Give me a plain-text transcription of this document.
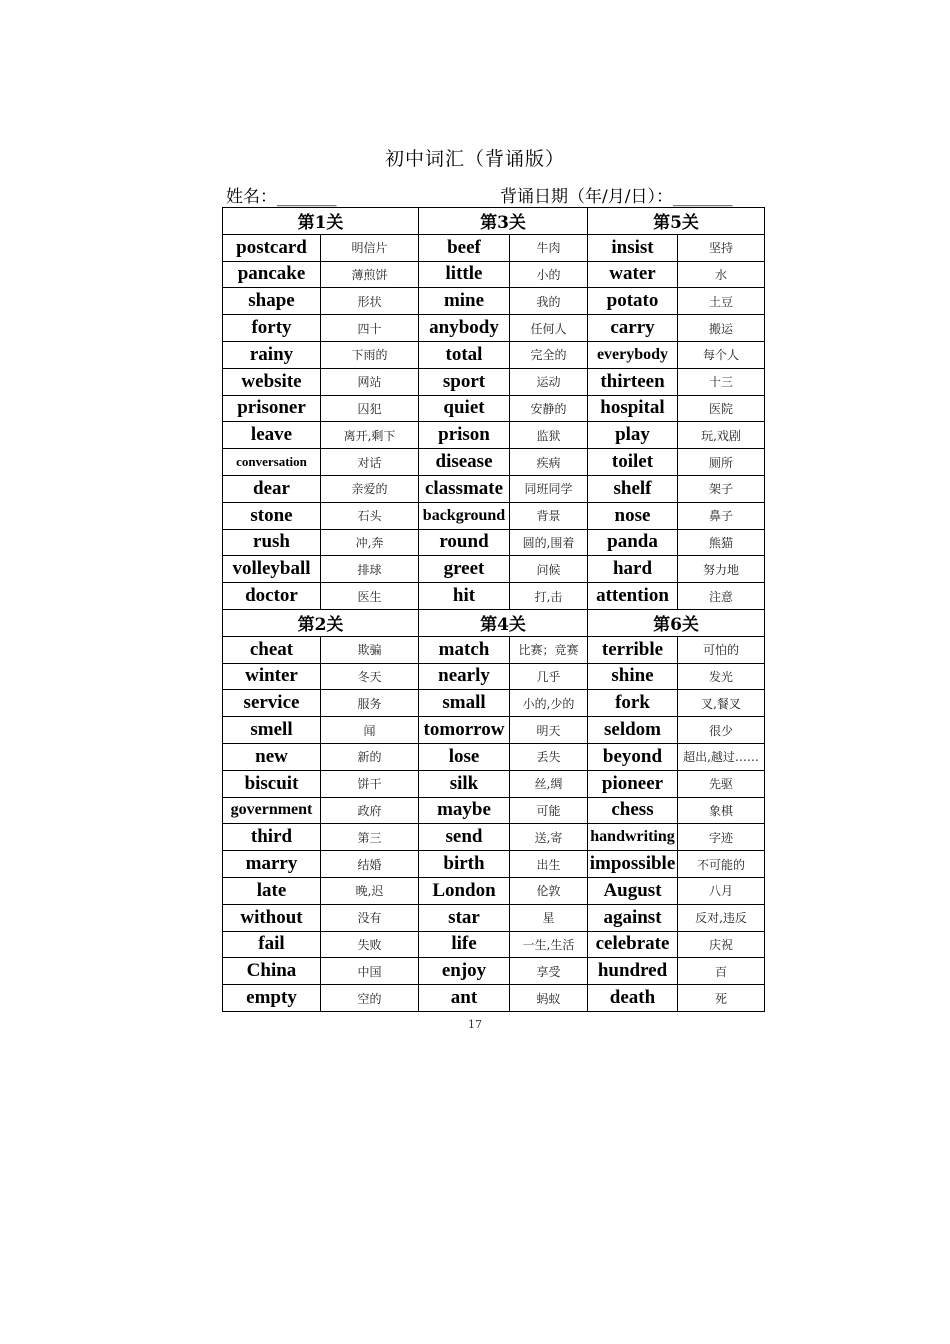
初中词汇（背诵版）
姓名：_______	背诵日期（年/月/日）：_______
第1关		第3关		第5关	
postcard	明信片	beef	牛肉	insist	坚持
pancake	薄煎饼	little	小的	water	水
shape	形状	mine	我的	potato	土豆
forty	四十	anybody	任何人	carry	搬运
rainy	下雨的	total	完全的	everybody	每个人
website	网站	sport	运动	thirteen	十三
prisoner	囚犯	quiet	安静的	hospital	医院
leave	离开,剩下	prison	监狱	play	玩,戏剧
conversation	对话	disease	疾病	toilet	厕所
dear	亲爱的	classmate	同班同学	shelf	架子
stone	石头	background	背景	nose	鼻子
rush	冲,奔	round	圆的,围着	panda	熊猫
volleyball	排球	greet	问候	hard	努力地
doctor	医生	hit	打,击	attention	注意
第2关		第4关		第6关	
cheat	欺骗	match	比赛；竞赛	terrible	可怕的
winter	冬天	nearly	几乎	shine	发光
service	服务	small	小的,少的	fork	叉,餐叉
smell	闻	tomorrow	明天	seldom	很少
new	新的	lose	丢失	beyond	超出,越过……
biscuit	饼干	silk	丝,绸	pioneer	先驱
government	政府	maybe	可能	chess	象棋
third	第三	send	送,寄	handwriting	字迹
marry	结婚	birth	出生	impossible	不可能的
late	晚,迟	London	伦敦	August	八月
without	没有	star	星	against	反对,违反
fail	失败	life	一生,生活	celebrate	庆祝
China	中国	enjoy	享受	hundred	百
empty	空的	ant	蚂蚁	death	死
17
